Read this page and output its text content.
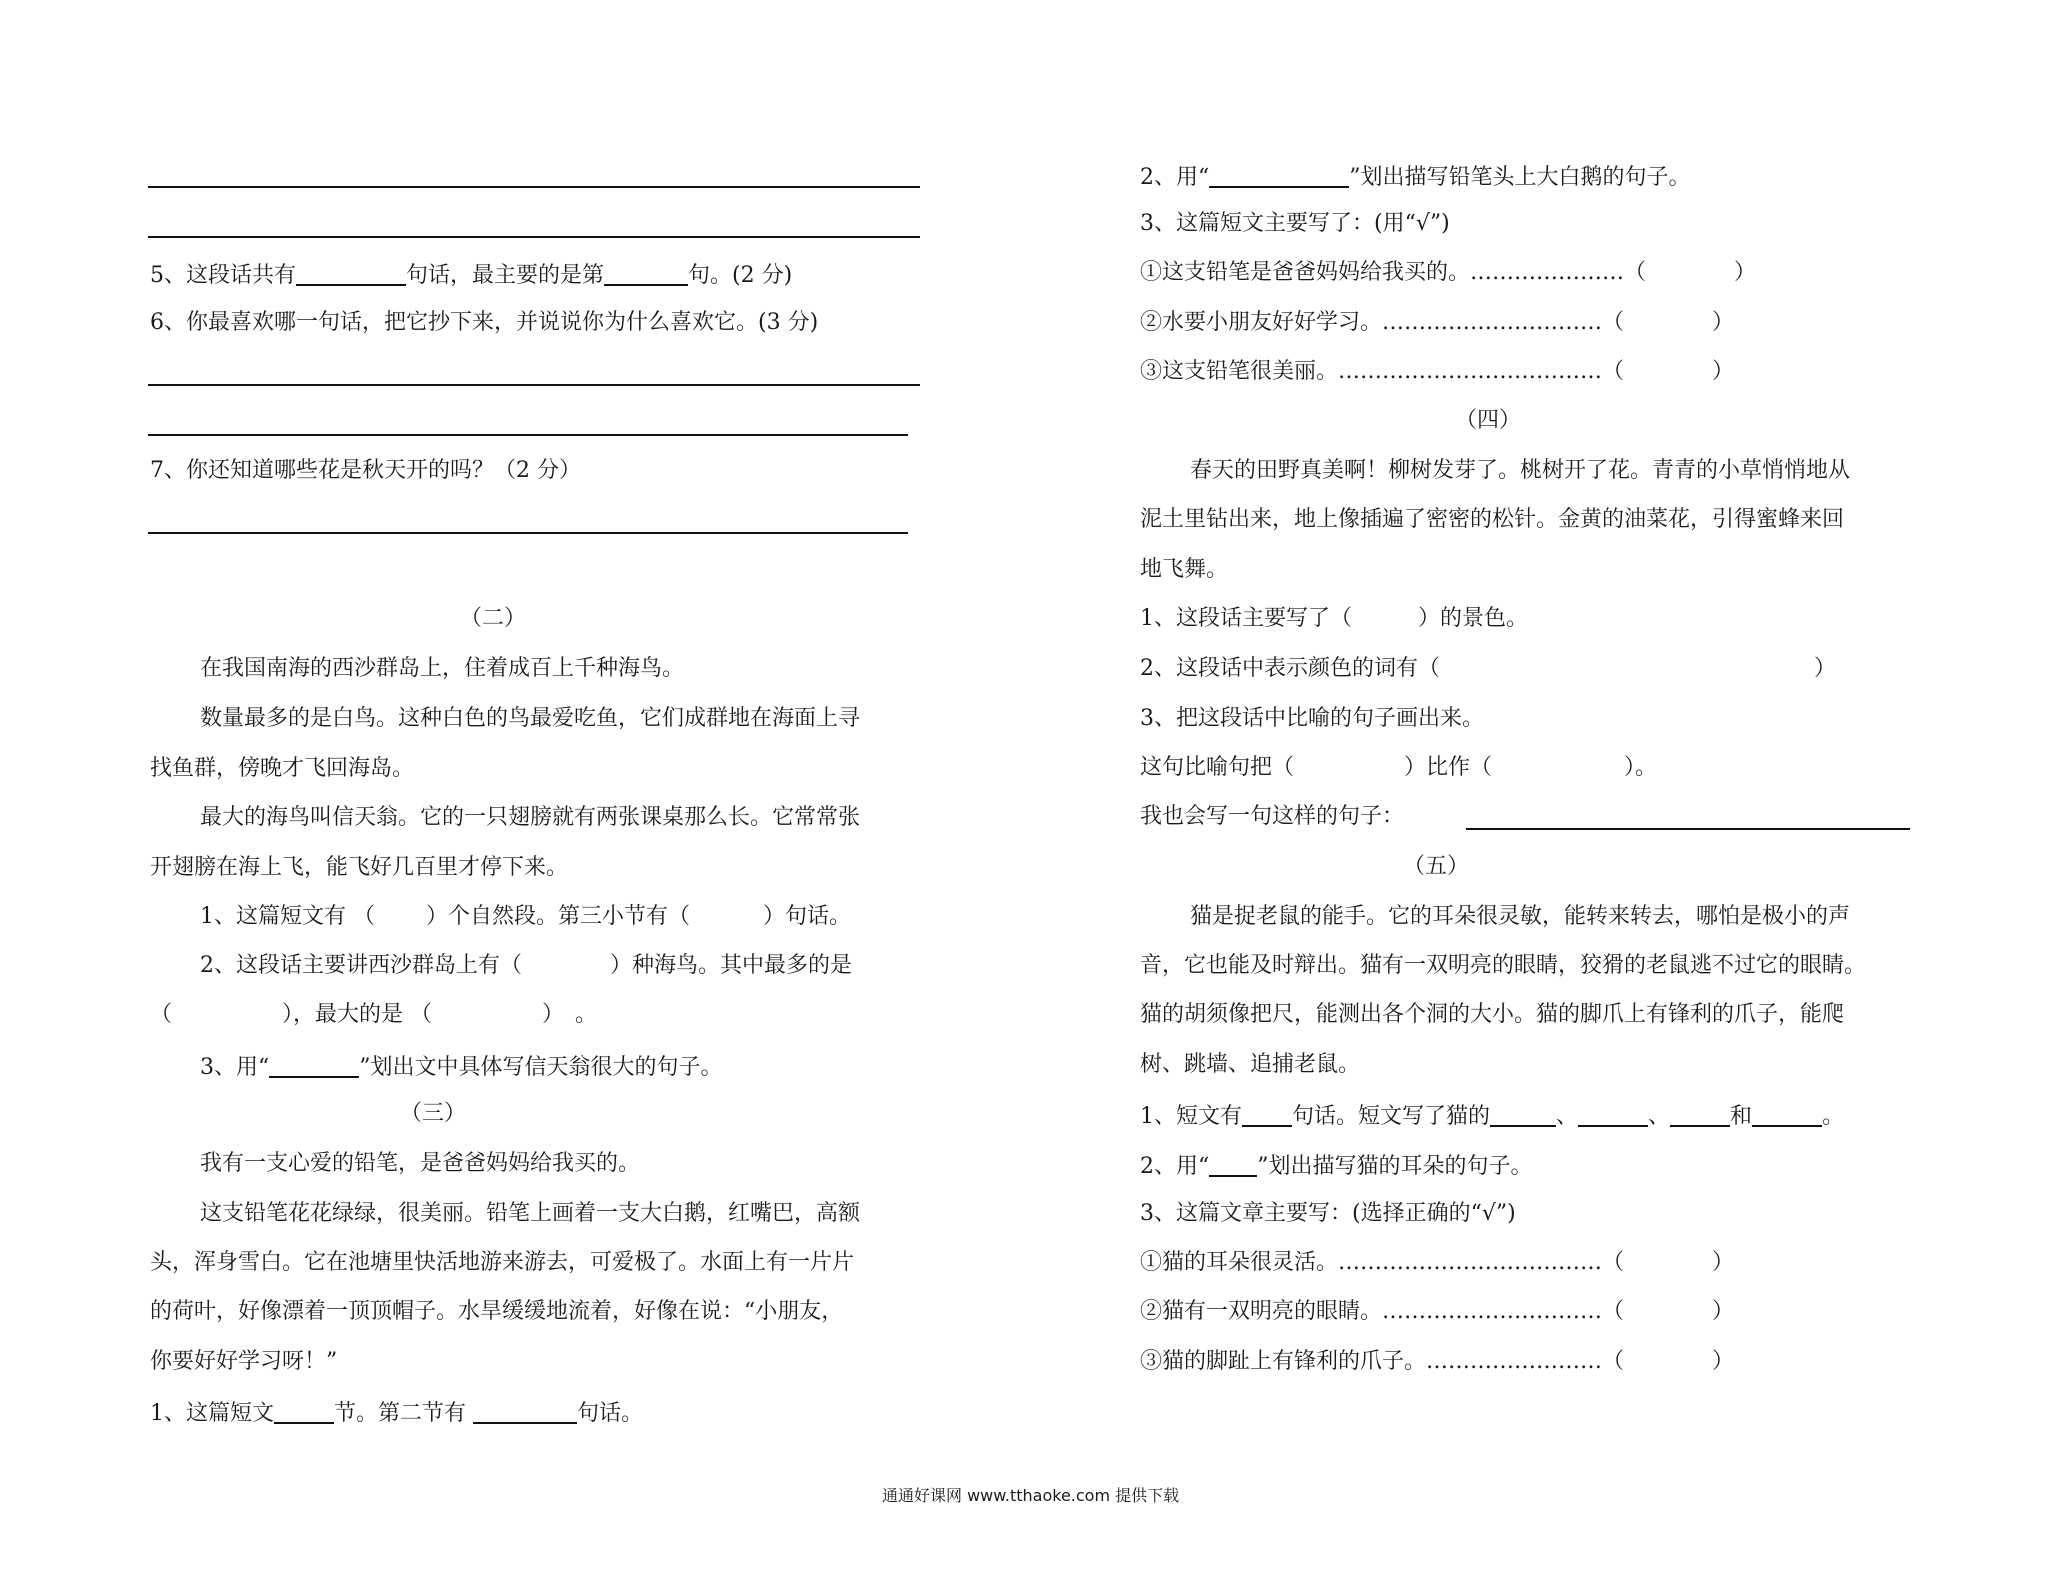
5、这段话共有	句话，最主要的是第	句。(2 分)
6、你最喜欢哪一句话，把它抄下来，并说说你为什么喜欢它。(3 分)
7、你还知道哪些花是秋天开的吗？（2 分）
（二）
在我国南海的西沙群岛上，住着成百上千种海鸟。
数量最多的是白鸟。这种白色的鸟最爱吃鱼，它们成群地在海面上寻
找鱼群，傍晚才飞回海岛。
最大的海鸟叫信天翁。它的一只翅膀就有两张课桌那么长。它常常张
开翅膀在海上飞，能飞好几百里才停下来。
1、这篇短文有 （　　 ）个自然段。第三小节有（　　　 ）句话。
2、这段话主要讲西沙群岛上有（　　　　）种海鸟。其中最多的是
（　　　　　），最大的是 （　　　　　）　。
3、用“	”划出文中具体写信天翁很大的句子。
（三）
我有一支心爱的铅笔，是爸爸妈妈给我买的。
这支铅笔花花绿绿，很美丽。铅笔上画着一支大白鹅，红嘴巴，高额
头，浑身雪白。它在池塘里快活地游来游去，可爱极了。水面上有一片片
的荷叶，好像漂着一顶顶帽子。水旱缓缓地流着，好像在说：“小朋友，
你要好好学习呀！”
1、这篇短文	节。第二节有	句话。
2、用“	”划出描写铅笔头上大白鹅的句子。
3、这篇短文主要写了：(用“√”)
①这支铅笔是爸爸妈妈给我买的。…………………（　　　　）
②水要小朋友好好学习。…………………………（　　　　）
③这支铅笔很美丽。………………………………（　　　　）
（四）
春天的田野真美啊！柳树发芽了。桃树开了花。青青的小草悄悄地从
泥土里钻出来，地上像插遍了密密的松针。金黄的油菜花，引得蜜蜂来回
地飞舞。
1、这段话主要写了（　　　）的景色。
2、这段话中表示颜色的词有（　　　　　　　　　　　　　　　　　）
3、把这段话中比喻的句子画出来。
这句比喻句把（　　　　　）比作（　　　　　　）。
我也会写一句这样的句子：
（五）
猫是捉老鼠的能手。它的耳朵很灵敏，能转来转去，哪怕是极小的声
音，它也能及时辩出。猫有一双明亮的眼睛，狡猾的老鼠逃不过它的眼睛。
猫的胡须像把尺，能测出各个洞的大小。猫的脚爪上有锋利的爪子，能爬
树、跳墙、追捕老鼠。
1、短文有 句话。短文写了猫的	、	、	和	。
2、用“ ”划出描写猫的耳朵的句子。
3、这篇文章主要写：(选择正确的“√”)
①猫的耳朵很灵活。………………………………（　　　　）
②猫有一双明亮的眼睛。…………………………（　　　　）
③猫的脚趾上有锋利的爪子。……………………（　　　　）
通通好课网 www.tthaoke.com 提供下载
